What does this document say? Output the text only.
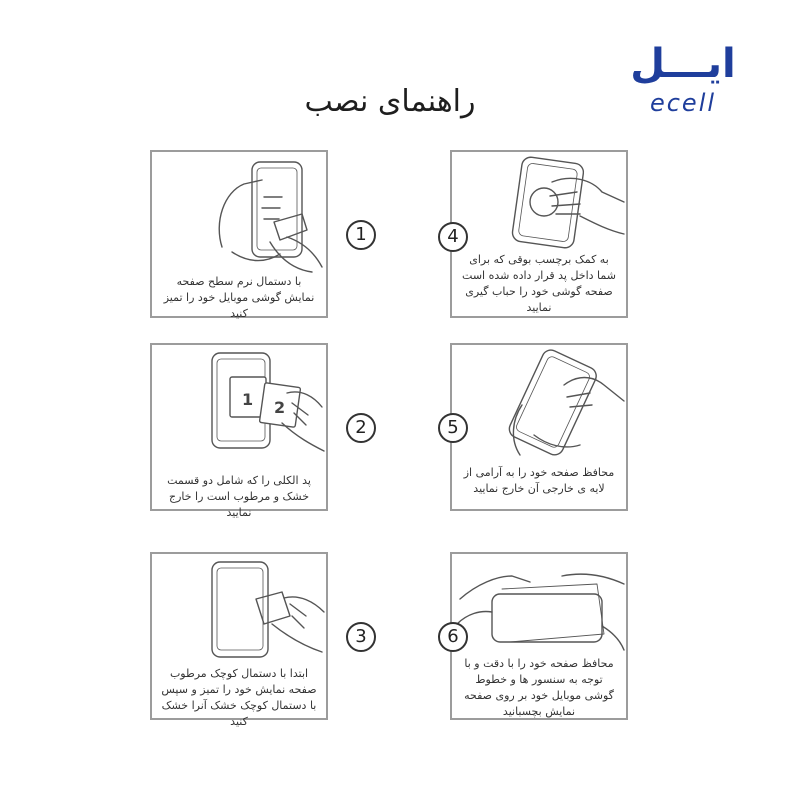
راهنمای نصب
ایـــل
ecell
با دستمال نرم سطح صفحه نمایش گوشی موبایل خود را تمیز کنید
1
به کمک برچسب بوقی که برای شما داخل پد قرار داده شده است صفحه گوشی خود را حباب گیری نمایید
4
1 2
پد الکلی را که شامل دو قسمت خشک و مرطوب است را خارج نمایید
2
محافظ صفحه خود را به آرامی از لایه ی خارجی آن خارج نمایید
5
ابتدا با دستمال کوچک مرطوب صفحه نمایش خود را تمیز و سپس با دستمال کوچک خشک آنرا خشک کنید
3
محافظ صفحه خود را با دقت و با توجه به سنسور ها و خطوط گوشی موبایل خود بر روی صفحه نمایش بچسبانید
6
